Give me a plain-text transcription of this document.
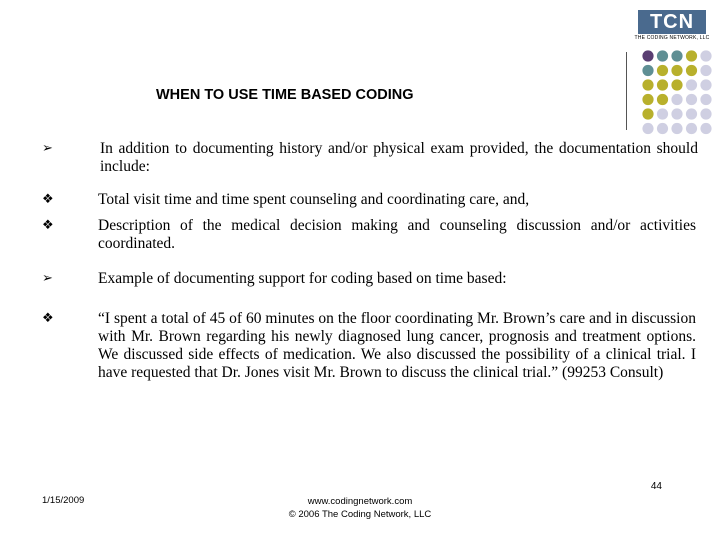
TCN
THE CODING NETWORK, LLC
WHEN TO USE TIME BASED CODING
➢	In addition to documenting history and/or physical exam provided, the documentation should include:
❖	Total visit time and time spent counseling and coordinating care, and,
❖	Description of the medical decision making and counseling discussion and/or activities coordinated.
➢	Example of documenting support for coding based on time based:
❖	“I spent a total of 45 of 60 minutes on the floor coordinating Mr. Brown’s care and in discussion with Mr. Brown regarding his newly diagnosed lung cancer, prognosis and treatment options. We discussed side effects of medication. We also discussed the possibility of a clinical trial. I have requested that Dr. Jones visit Mr. Brown to discuss the clinical trial.” (99253 Consult)
44
1/15/2009	www.codingnetwork.com
© 2006 The Coding Network, LLC
